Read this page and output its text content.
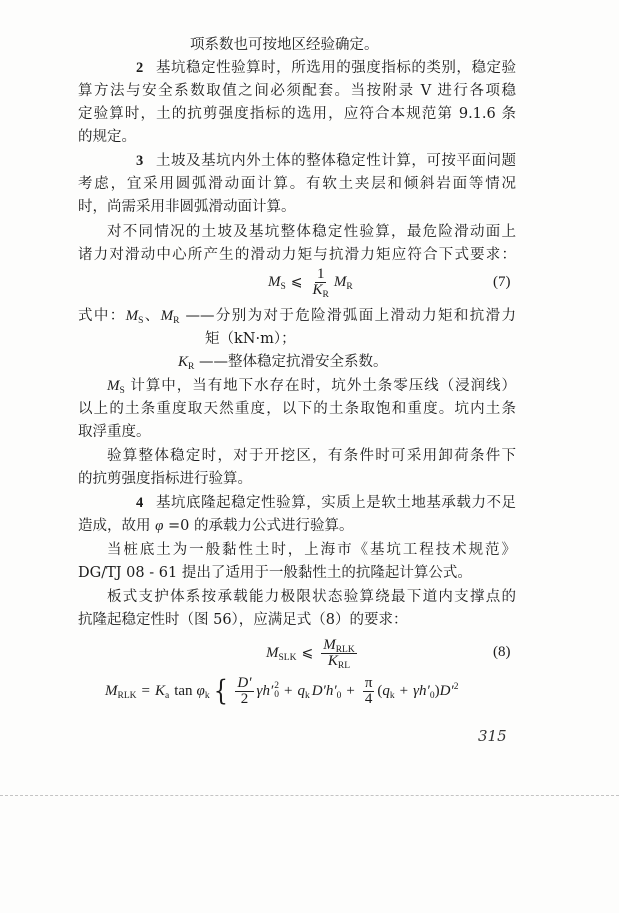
项系数也可按地区经验确定。
2 基坑稳定性验算时，所选用的强度指标的类别，稳定验
算方法与安全系数取值之间必须配套。当按附录 V 进行各项稳
定验算时，土的抗剪强度指标的选用，应符合本规范第 9.1.6 条
的规定。
3 土坡及基坑内外土体的整体稳定性计算，可按平面问题
考虑，宜采用圆弧滑动面计算。有软土夹层和倾斜岩面等情况
时，尚需采用非圆弧滑动面计算。
对不同情况的土坡及基坑整体稳定性验算，最危险滑动面上
诸力对滑动中心所产生的滑动力矩与抗滑力矩应符合下式要求：
$M_S$ ⩽ $\frac{1}{K_R} M_R$	(7)
式中：$M_S$、$M_R$ ——分别为对于危险滑弧面上滑动力矩和抗滑力
矩（kN·m）；
$K_R$ ——整体稳定抗滑安全系数。
$M_S$ 计算中，当有地下水存在时，坑外土条零压线（浸润线）
以上的土条重度取天然重度，以下的土条取饱和重度。坑内土条
取浮重度。
验算整体稳定时，对于开挖区，有条件时可采用卸荷条件下
的抗剪强度指标进行验算。
4 基坑底隆起稳定性验算，实质上是软土地基承载力不足
造成，故用 φ =0 的承载力公式进行验算。
当桩底土为一般黏性土时，上海市《基坑工程技术规范》
DG/TJ 08 - 61 提出了适用于一般黏性土的抗隆起计算公式。
板式支护体系按承载能力极限状态验算绕最下道内支撑点的
抗隆起稳定性时（图 56），应满足式（8）的要求：
$M_{SLK}$ ⩽ $\frac{M_{RLK}}{K_{RL}}$	(8)
$M_{RLK} = K_a$ $\tan \varphi_k$ { $\frac{D'}{2} \gamma h'$ 2
$0 + q_k$ $D'h'_0 + \frac{\pi}{4}$ ( $q_k + \gamma h'_0$ ) $D'^2$
315
